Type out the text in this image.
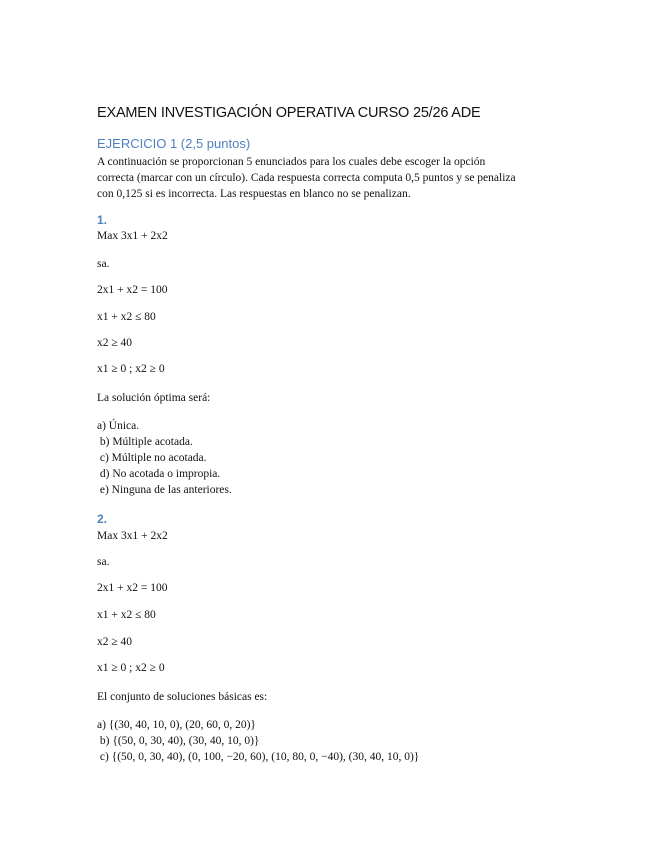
EXAMEN INVESTIGACIÓN OPERATIVA CURSO 25/26 ADE
EJERCICIO 1 (2,5 puntos)
A continuación se proporcionan 5 enunciados para los cuales debe escoger la opción
correcta (marcar con un círculo). Cada respuesta correcta computa 0,5 puntos y se penaliza
con 0,125 si es incorrecta. Las respuestas en blanco no se penalizan.
1.
Max 3x1 + 2x2
sa.
2x1 + x2 = 100
x1 + x2 ≤ 80
x2 ≥ 40
x1 ≥ 0 ; x2 ≥ 0
La solución óptima será:
a) Única.
b) Múltiple acotada.
c) Múltiple no acotada.
d) No acotada o impropia.
e) Ninguna de las anteriores.
2.
Max 3x1 + 2x2
sa.
2x1 + x2 = 100
x1 + x2 ≤ 80
x2 ≥ 40
x1 ≥ 0 ; x2 ≥ 0
El conjunto de soluciones básicas es:
a) {(30, 40, 10, 0), (20, 60, 0, 20)}
b) {(50, 0, 30, 40), (30, 40, 10, 0)}
c) {(50, 0, 30, 40), (0, 100, −20, 60), (10, 80, 0, −40), (30, 40, 10, 0)}
